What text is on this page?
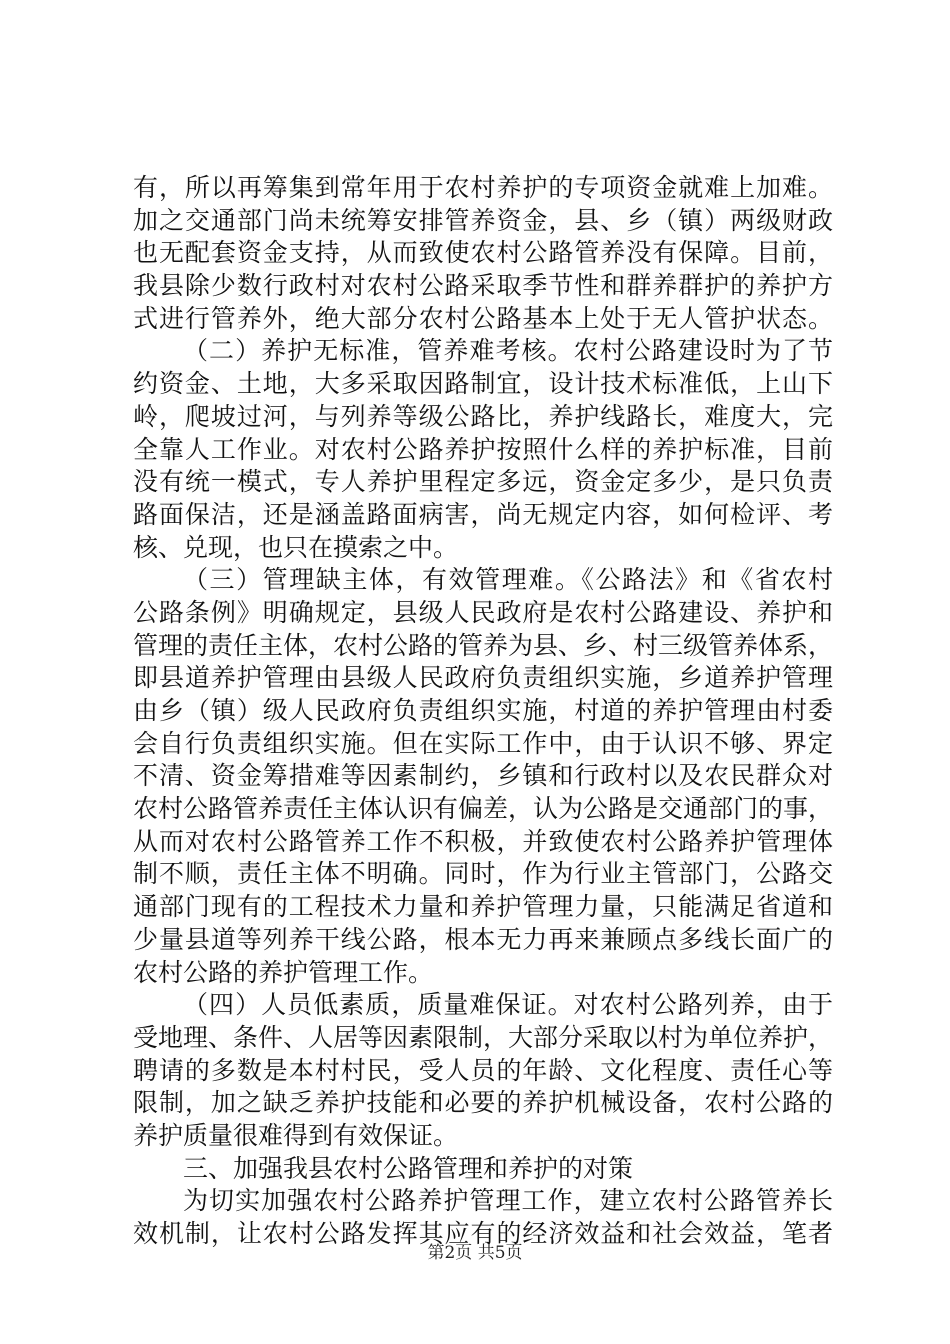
有，所以再筹集到常年用于农村养护的专项资金就难上加难。
加之交通部门尚未统筹安排管养资金，县、乡（镇）两级财政
也无配套资金支持，从而致使农村公路管养没有保障。目前，
我县除少数行政村对农村公路采取季节性和群养群护的养护方
式进行管养外，绝大部分农村公路基本上处于无人管护状态。
（二）养护无标准，管养难考核。农村公路建设时为了节
约资金、土地，大多采取因路制宜，设计技术标准低，上山下
岭，爬坡过河，与列养等级公路比，养护线路长，难度大，完
全靠人工作业。对农村公路养护按照什么样的养护标准，目前
没有统一模式，专人养护里程定多远，资金定多少，是只负责
路面保洁，还是涵盖路面病害，尚无规定内容，如何检评、考
核、兑现，也只在摸索之中。
（三）管理缺主体，有效管理难。《公路法》和《省农村
公路条例》明确规定，县级人民政府是农村公路建设、养护和
管理的责任主体，农村公路的管养为县、乡、村三级管养体系，
即县道养护管理由县级人民政府负责组织实施，乡道养护管理
由乡（镇）级人民政府负责组织实施，村道的养护管理由村委
会自行负责组织实施。但在实际工作中，由于认识不够、界定
不清、资金筹措难等因素制约，乡镇和行政村以及农民群众对
农村公路管养责任主体认识有偏差，认为公路是交通部门的事，
从而对农村公路管养工作不积极，并致使农村公路养护管理体
制不顺，责任主体不明确。同时，作为行业主管部门，公路交
通部门现有的工程技术力量和养护管理力量，只能满足省道和
少量县道等列养干线公路，根本无力再来兼顾点多线长面广的
农村公路的养护管理工作。
（四）人员低素质，质量难保证。对农村公路列养，由于
受地理、条件、人居等因素限制，大部分采取以村为单位养护，
聘请的多数是本村村民，受人员的年龄、文化程度、责任心等
限制，加之缺乏养护技能和必要的养护机械设备，农村公路的
养护质量很难得到有效保证。
三、加强我县农村公路管理和养护的对策
为切实加强农村公路养护管理工作，建立农村公路管养长
效机制，让农村公路发挥其应有的经济效益和社会效益，笔者
第2页 共5页
